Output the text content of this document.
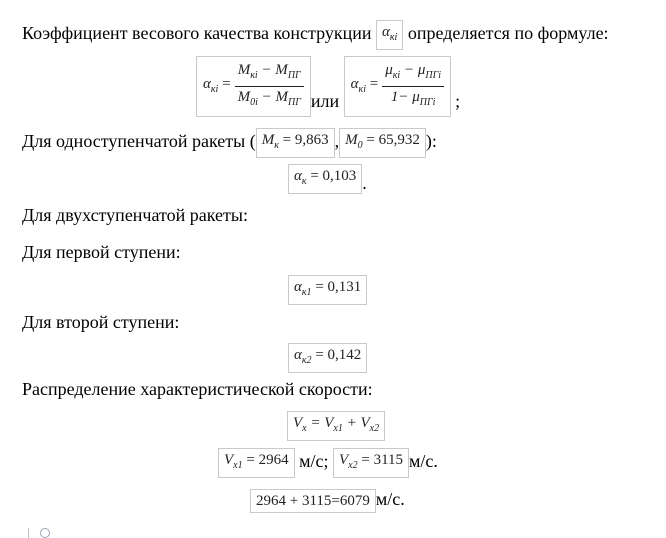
Коэффициент весового качества конструкции $\alpha_{кi}$ определяется по формуле:
$\alpha_{кi} = \frac{M_{кi} - M_{ПГ}}{M_{0i} - M_{ПГ}}$ или
$\alpha_{кi} = \frac{\mu_{кi} - \mu_{ПГi}}{1- \mu_{ПГi}}$ ;
Для одноступенчатой ракеты ( $M_к = 9,863$ , $M_0 = 65,932$ ):
$\alpha_к = 0,103$ .
Для двухступенчатой ракеты:
Для первой ступени:
$\alpha_{к1} = 0,131$
Для второй ступени:
$\alpha_{к2} = 0,142$
Распределение характеристической скорости:
$V_х = V_{х1} + V_{х2}$
$V_{х1} = 2964$ м/с; $V_{х2} = 3115$ м/с.
2964 + 3115=6079 м/с.
